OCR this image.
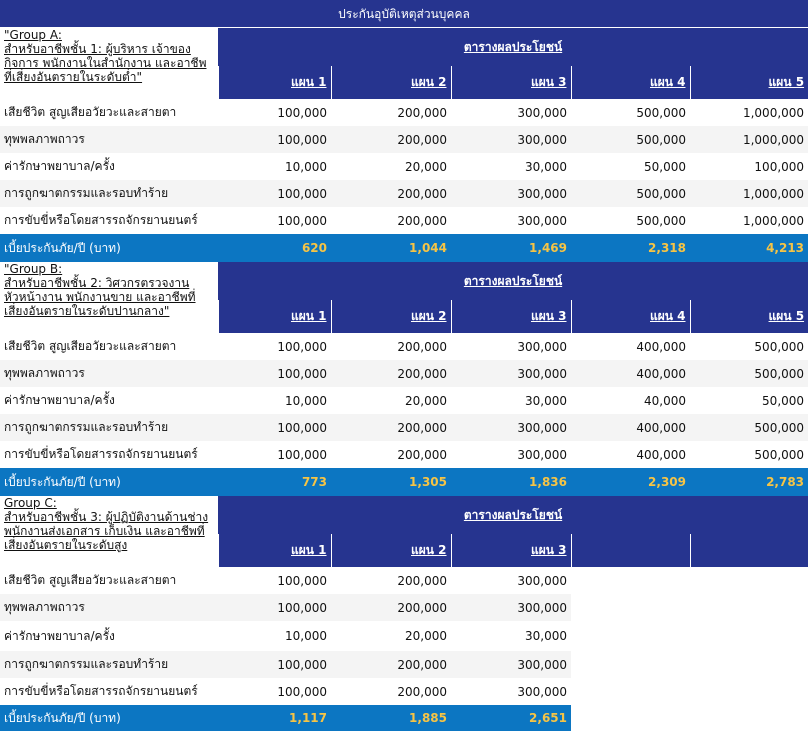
ประกันอุบัติเหตุส่วนบุคคล
"Group A:
สำหรับอาชีพชั้น 1: ผู้บริหาร เจ้าของกิจการ พนักงานในสำนักงาน และอาชีพที่เสี่ยงอันตรายในระดับต่ำ"	ตารางผลประโยชน์				
	แผน 1	แผน 2	แผน 3	แผน 4	แผน 5
เสียชีวิต สูญเสียอวัยวะและสายตา	100,000	200,000	300,000	500,000	1,000,000
ทุพพลภาพถาวร	100,000	200,000	300,000	500,000	1,000,000
ค่ารักษาพยาบาล/ครั้ง	10,000	20,000	30,000	50,000	100,000
การถูกฆาตกรรมและรอบทำร้าย	100,000	200,000	300,000	500,000	1,000,000
การขับขี่หรือโดยสารรถจักรยานยนตร์	100,000	200,000	300,000	500,000	1,000,000
เบี้ยประกันภัย/ปี (บาท)	620	1,044	1,469	2,318	4,213
"Group B:
สำหรับอาชีพชั้น 2: วิศวกรตรวจงาน หัวหน้างาน พนักงานขาย และอาชีพที่เสี่ยงอันตรายในระดับปานกลาง"	ตารางผลประโยชน์				
	แผน 1	แผน 2	แผน 3	แผน 4	แผน 5
เสียชีวิต สูญเสียอวัยวะและสายตา	100,000	200,000	300,000	400,000	500,000
ทุพพลภาพถาวร	100,000	200,000	300,000	400,000	500,000
ค่ารักษาพยาบาล/ครั้ง	10,000	20,000	30,000	40,000	50,000
การถูกฆาตกรรมและรอบทำร้าย	100,000	200,000	300,000	400,000	500,000
การขับขี่หรือโดยสารรถจักรยานยนตร์	100,000	200,000	300,000	400,000	500,000
เบี้ยประกันภัย/ปี (บาท)	773	1,305	1,836	2,309	2,783
Group C:
สำหรับอาชีพชั้น 3: ผู้ปฏิบัติงานด้านช่าง พนักงานส่งเอกสาร เก็บเงิน และอาชีพที่เสี่ยงอันตรายในระดับสูง	ตารางผลประโยชน์				
	แผน 1	แผน 2	แผน 3		
เสียชีวิต สูญเสียอวัยวะและสายตา	100,000	200,000	300,000		
ทุพพลภาพถาวร	100,000	200,000	300,000		
ค่ารักษาพยาบาล/ครั้ง	10,000	20,000	30,000		
การถูกฆาตกรรมและรอบทำร้าย	100,000	200,000	300,000		
การขับขี่หรือโดยสารรถจักรยานยนตร์	100,000	200,000	300,000		
เบี้ยประกันภัย/ปี (บาท)	1,117	1,885	2,651		
